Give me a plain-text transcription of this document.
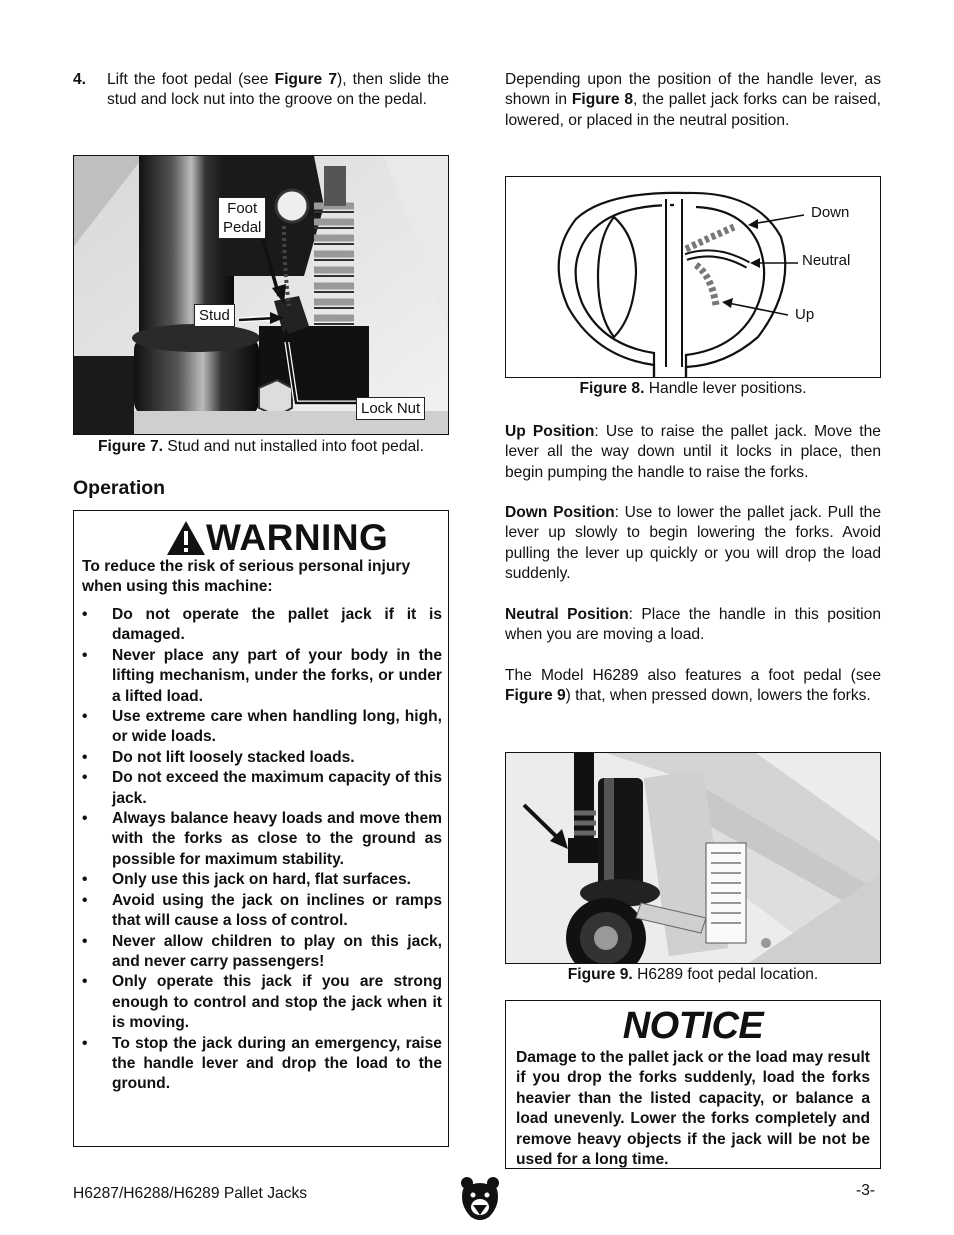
4. Lift the foot pedal (see Figure 7), then slide the stud and lock nut into the groove on the pedal.

Foot
Pedal
Stud
Lock Nut
Figure 7. Stud and nut installed into foot pedal.
Operation
WARNING
To reduce the risk of serious personal injury when using this machine:
• Do not operate the pallet jack if it is damaged.
• Never place any part of your body in the lifting mechanism, under the forks, or under a lifted load.
• Use extreme care when handling long, high, or wide loads.
• Do not lift loosely stacked loads.
• Do not exceed the maximum capacity of this jack.
• Always balance heavy loads and move them with the forks as close to the ground as possible for maximum stability.
• Only use this jack on hard, flat surfaces.
• Avoid using the jack on inclines or ramps that will cause a loss of control.
• Never allow children to play on this jack, and never carry passengers!
• Only operate this jack if you are strong enough to control and stop the jack when it is moving.
• To stop the jack during an emergency, raise the handle lever and drop the load to the ground.

Depending upon the position of the handle lever, as shown in Figure 8, the pallet jack forks can be raised, lowered, or placed in the neutral position.

Down
Neutral
Up
Figure 8. Handle lever positions.

Up Position: Use to raise the pallet jack. Move the lever all the way down until it locks in place, then begin pumping the handle to raise the forks.

Down Position: Use to lower the pallet jack. Pull the lever up slowly to begin lowering the forks. Avoid pulling the lever up quickly or you will drop the load suddenly.

Neutral Position: Place the handle in this position when you are moving a load.

The Model H6289 also features a foot pedal (see Figure 9) that, when pressed down, lowers the forks.

Figure 9. H6289 foot pedal location.
NOTICE
Damage to the pallet jack or the load may result if you drop the forks suddenly, load the forks heavier than the listed capacity, or balance a load unevenly. Lower the forks completely and remove heavy objects if the jack will be not be used for a long time.
H6287/H6288/H6289 Pallet Jacks	-3-
